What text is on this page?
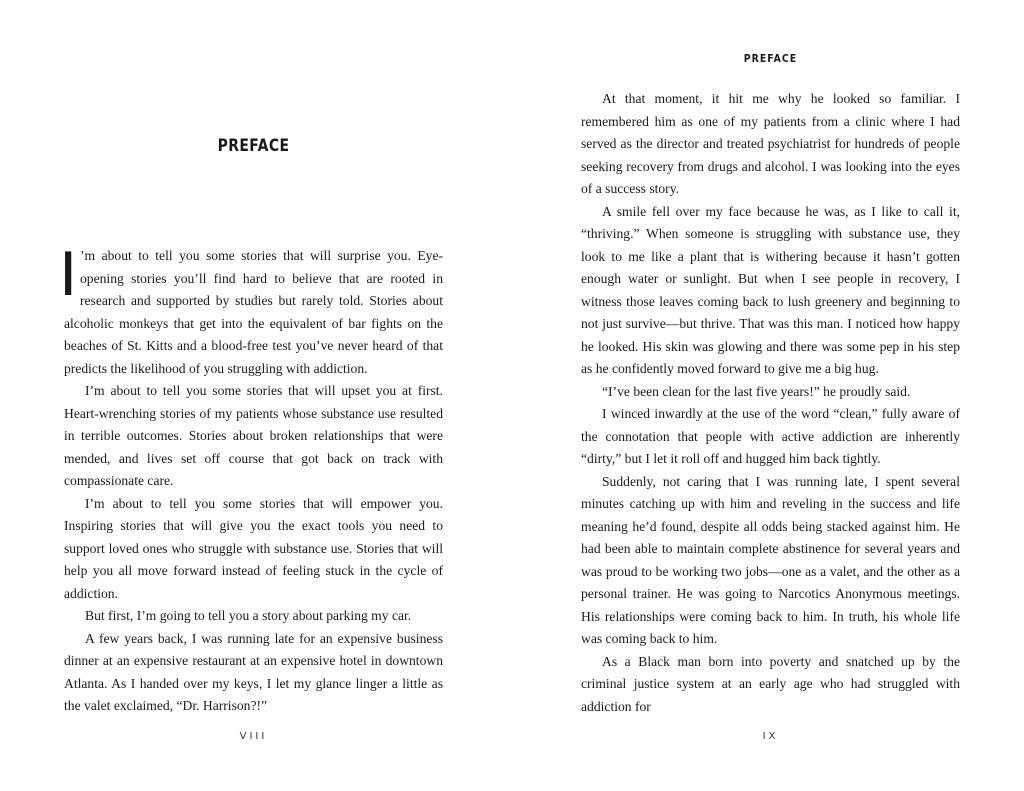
PREFACE

I ’m about to tell you some stories that will surprise you. Eye-opening stories you’ll find hard to believe that are rooted in research and supported by studies but rarely told. Stories about alcoholic monkeys that get into the equivalent of bar fights on the beaches of St. Kitts and a blood-free test you’ve never heard of that predicts the likelihood of you struggling with addiction.

I’m about to tell you some stories that will upset you at first. Heart-wrenching stories of my patients whose substance use resulted in terrible outcomes. Stories about broken relationships that were mended, and lives set off course that got back on track with compassionate care.

I’m about to tell you some stories that will empower you. Inspiring stories that will give you the exact tools you need to support loved ones who struggle with substance use. Stories that will help you all move forward instead of feeling stuck in the cycle of addiction.

But first, I’m going to tell you a story about parking my car.

A few years back, I was running late for an expensive business dinner at an expensive restaurant at an expensive hotel in downtown Atlanta. As I handed over my keys, I let my glance linger a little as the valet exclaimed, “Dr. Harrison?!”

VIII
PREFACE

At that moment, it hit me why he looked so familiar. I remembered him as one of my patients from a clinic where I had served as the director and treated psychiatrist for hundreds of people seeking recovery from drugs and alcohol. I was looking into the eyes of a success story.

A smile fell over my face because he was, as I like to call it, “thriving.” When someone is struggling with substance use, they look to me like a plant that is withering because it hasn’t gotten enough water or sunlight. But when I see people in recovery, I witness those leaves coming back to lush greenery and beginning to not just survive—but thrive. That was this man. I noticed how happy he looked. His skin was glowing and there was some pep in his step as he confidently moved forward to give me a big hug.

“I’ve been clean for the last five years!” he proudly said.

I winced inwardly at the use of the word “clean,” fully aware of the connotation that people with active addiction are inherently “dirty,” but I let it roll off and hugged him back tightly.

Suddenly, not caring that I was running late, I spent several minutes catching up with him and reveling in the success and life meaning he’d found, despite all odds being stacked against him. He had been able to maintain complete abstinence for several years and was proud to be working two jobs—one as a valet, and the other as a personal trainer. He was going to Narcotics Anonymous meetings. His relationships were coming back to him. In truth, his whole life was coming back to him.

As a Black man born into poverty and snatched up by the criminal justice system at an early age who had struggled with addiction for

IX
